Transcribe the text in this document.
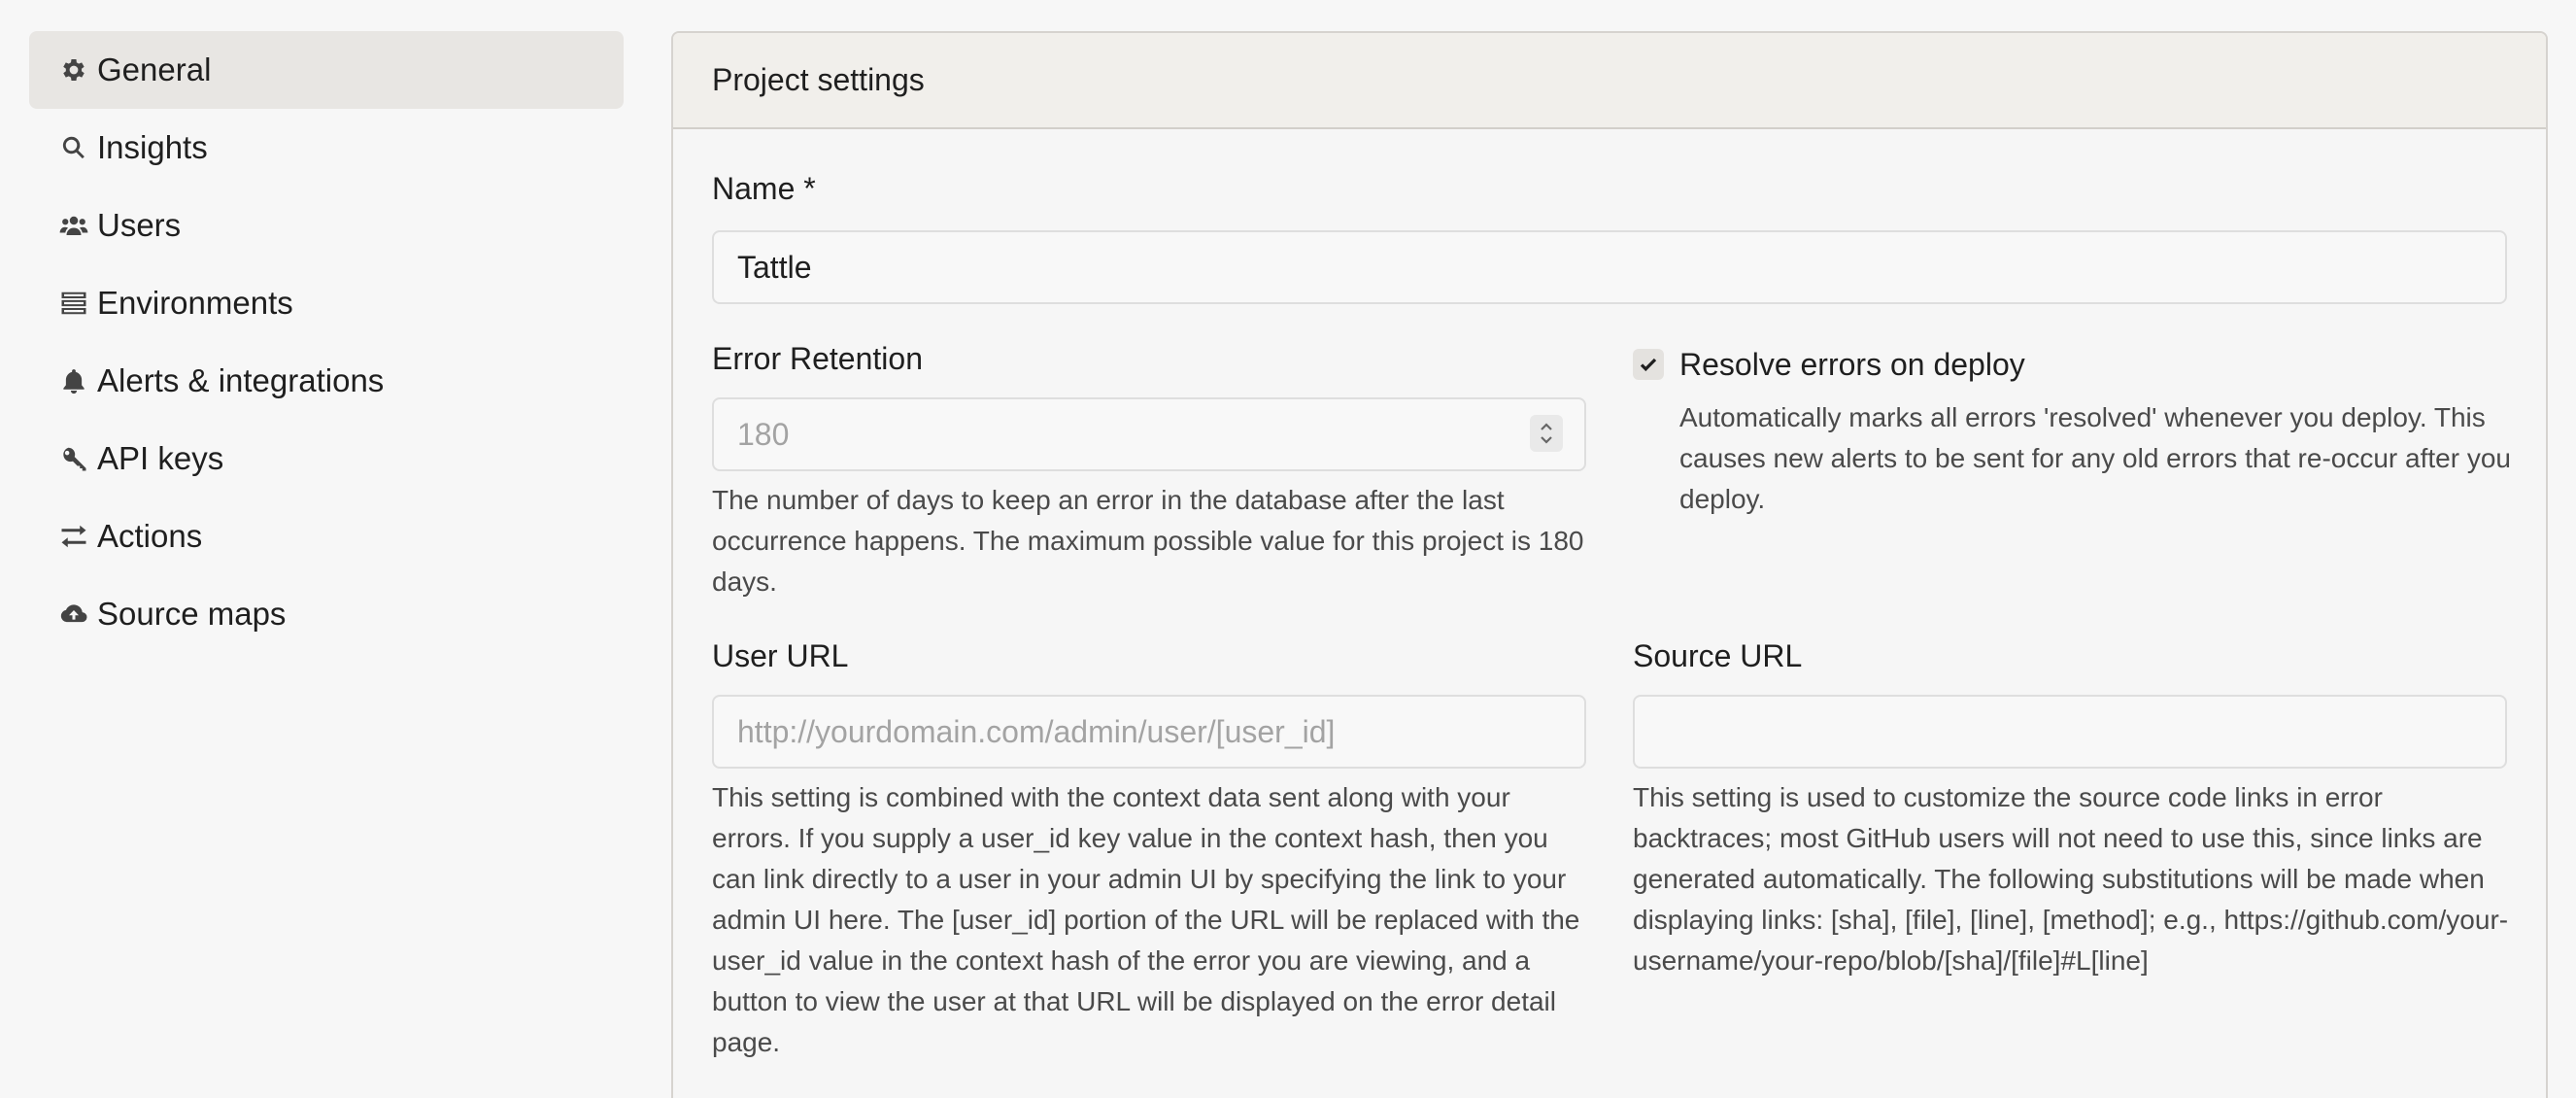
General
Insights
Users
Environments
Alerts & integrations
API keys
Actions
Source maps
Project settings
Name *
Tattle
Error Retention
180
The number of days to keep an error in the database after the last occurrence happens. The maximum possible value for this project is 180 days.
Resolve errors on deploy
Automatically marks all errors 'resolved' whenever you deploy. This causes new alerts to be sent for any old errors that re-occur after you deploy.
User URL
http://yourdomain.com/admin/user/[user_id]
This setting is combined with the context data sent along with your errors. If you supply a user_id key value in the context hash, then you can link directly to a user in your admin UI by specifying the link to your admin UI here. The [user_id] portion of the URL will be replaced with the user_id value in the context hash of the error you are viewing, and a button to view the user at that URL will be displayed on the error detail page.
Source URL
This setting is used to customize the source code links in error backtraces; most GitHub users will not need to use this, since links are generated automatically. The following substitutions will be made when displaying links: [sha], [file], [line], [method]; e.g., https://github.com/your-username/your-repo/blob/[sha]/[file]#L[line]
